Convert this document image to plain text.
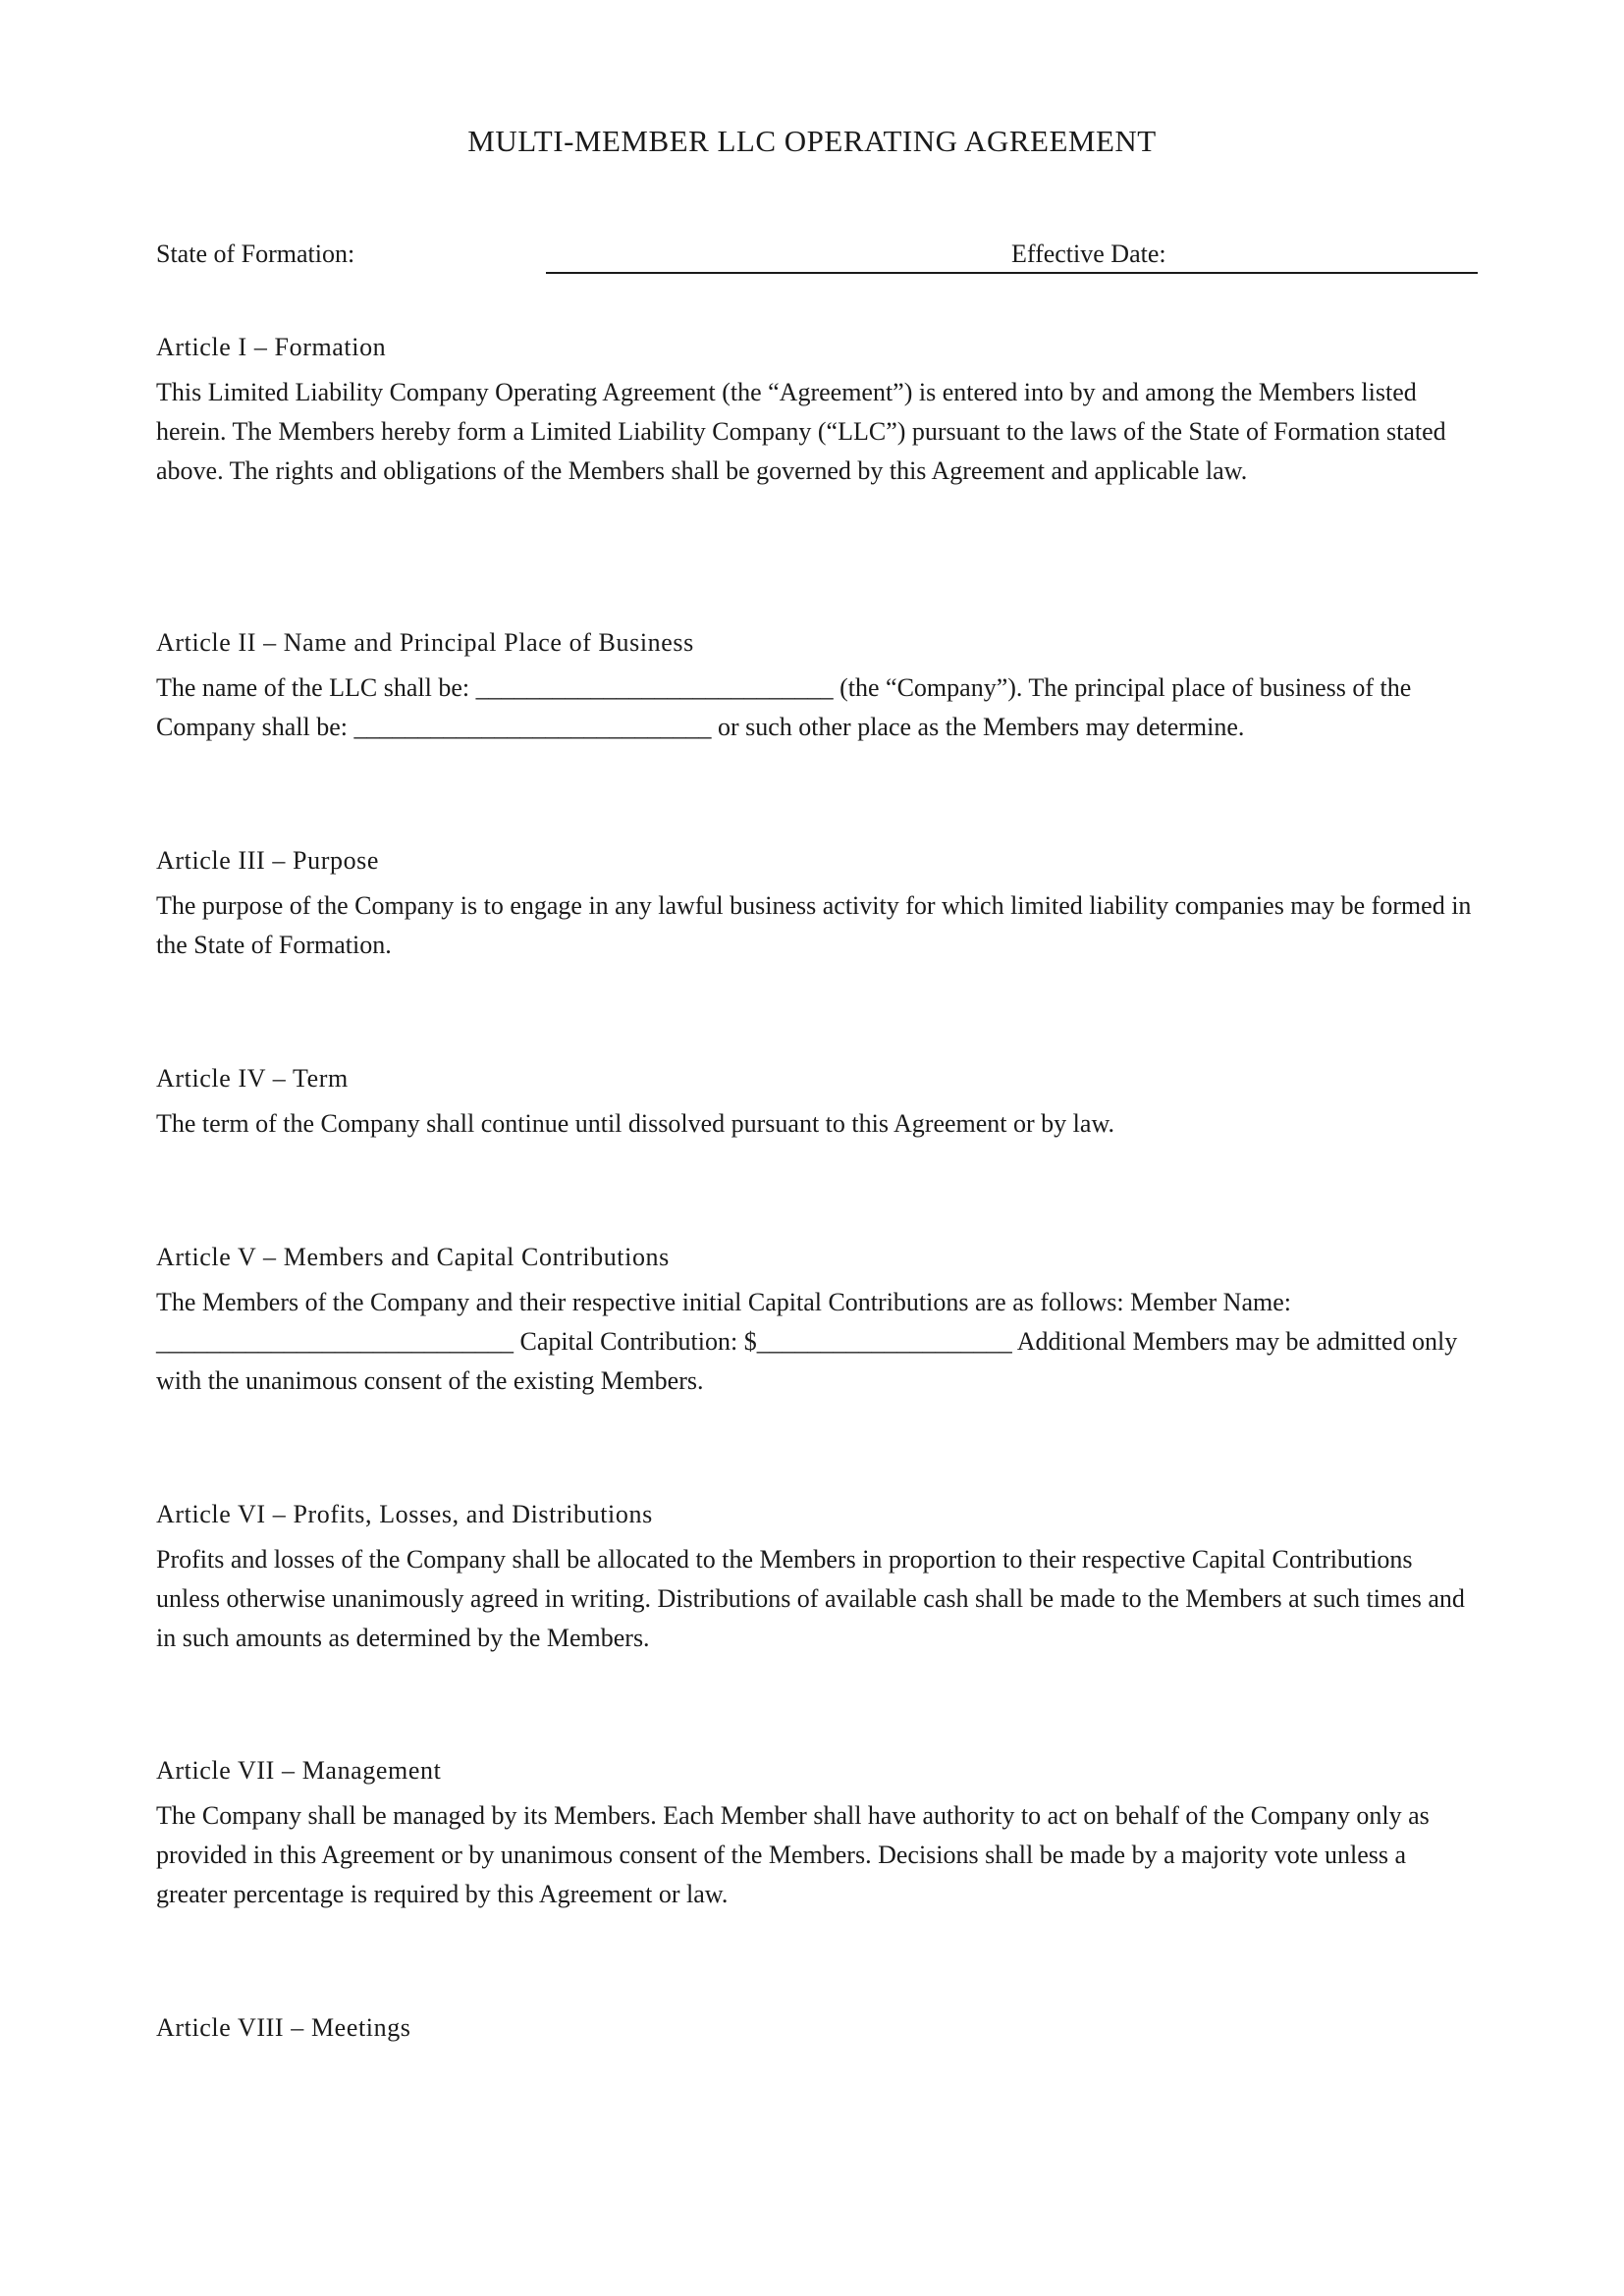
MULTI-MEMBER LLC OPERATING AGREEMENT
State of Formation:	Effective Date:
Article I – Formation

This Limited Liability Company Operating Agreement (the “Agreement”) is entered into by and among the Members listed herein. The Members hereby form a Limited Liability Company (“LLC”) pursuant to the laws of the State of Formation stated above. The rights and obligations of the Members shall be governed by this Agreement and applicable law.

Article II – Name and Principal Place of Business

The name of the LLC shall be: ____________________________ (the “Company”). The principal place of business of the Company shall be: ____________________________ or such other place as the Members may determine.

Article III – Purpose

The purpose of the Company is to engage in any lawful business activity for which limited liability companies may be formed in the State of Formation.

Article IV – Term

The term of the Company shall continue until dissolved pursuant to this Agreement or by law.

Article V – Members and Capital Contributions

The Members of the Company and their respective initial Capital Contributions are as follows: Member Name: ____________________________ Capital Contribution: $____________________ Additional Members may be admitted only with the unanimous consent of the existing Members.

Article VI – Profits, Losses, and Distributions

Profits and losses of the Company shall be allocated to the Members in proportion to their respective Capital Contributions unless otherwise unanimously agreed in writing. Distributions of available cash shall be made to the Members at such times and in such amounts as determined by the Members.

Article VII – Management

The Company shall be managed by its Members. Each Member shall have authority to act on behalf of the Company only as provided in this Agreement or by unanimous consent of the Members. Decisions shall be made by a majority vote unless a greater percentage is required by this Agreement or law.

Article VIII – Meetings
